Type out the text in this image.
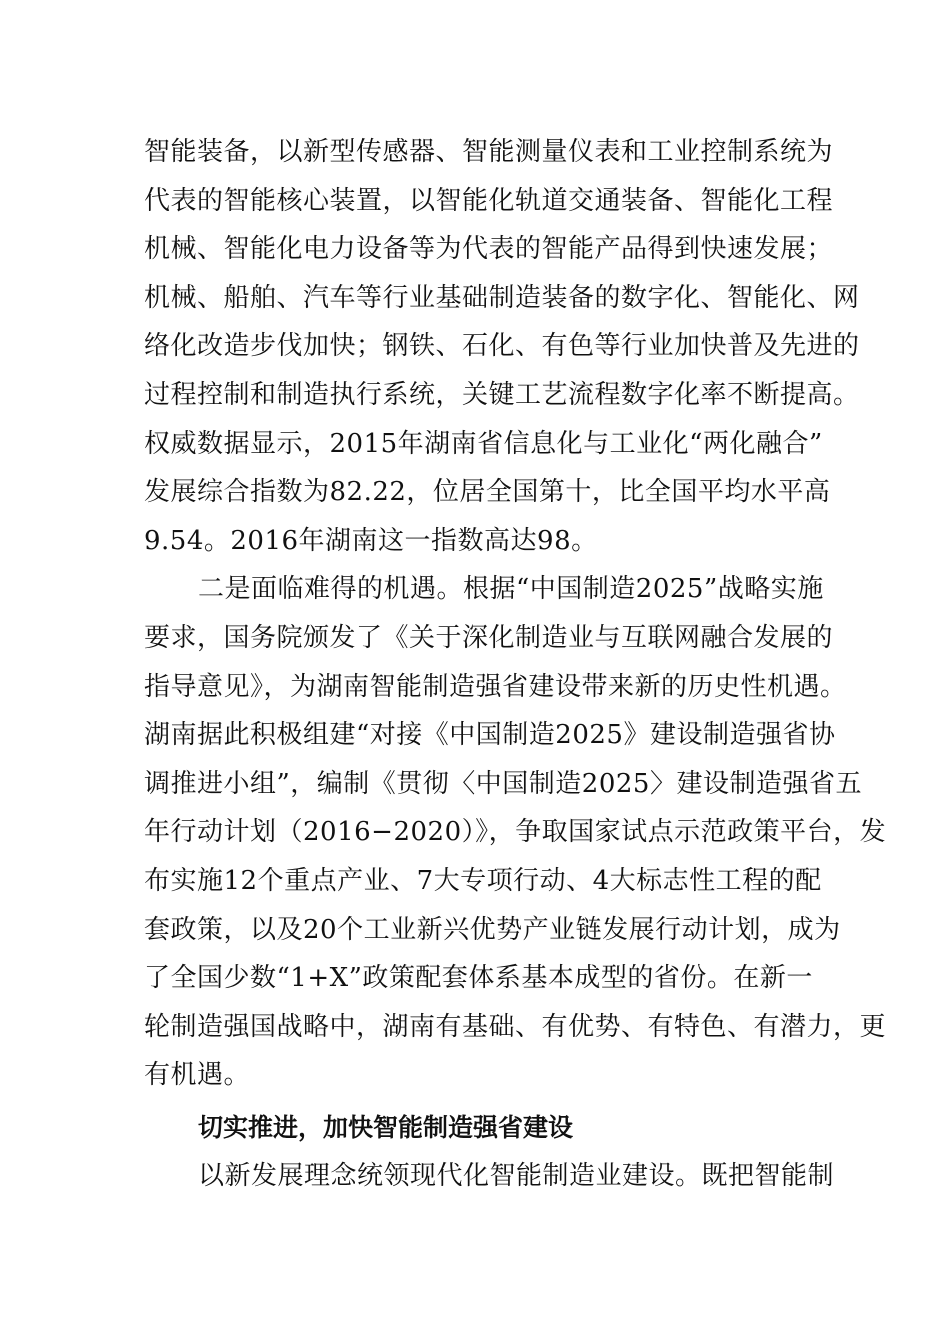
智能装备，以新型传感器、智能测量仪表和工业控制系统为
代表的智能核心装置，以智能化轨道交通装备、智能化工程
机械、智能化电力设备等为代表的智能产品得到快速发展；
机械、船舶、汽车等行业基础制造装备的数字化、智能化、网
络化改造步伐加快；钢铁、石化、有色等行业加快普及先进的
过程控制和制造执行系统，关键工艺流程数字化率不断提高。
权威数据显示，2015年湖南省信息化与工业化“两化融合”
发展综合指数为82.22，位居全国第十，比全国平均水平高
9.54。2016年湖南这一指数高达98。
二是面临难得的机遇。根据“中国制造2025”战略实施
要求，国务院颁发了《关于深化制造业与互联网融合发展的
指导意见》，为湖南智能制造强省建设带来新的历史性机遇。
湖南据此积极组建“对接《中国制造2025》建设制造强省协
调推进小组”，编制《贯彻〈中国制造2025〉建设制造强省五
年行动计划（2016−2020）》，争取国家试点示范政策平台，发
布实施12个重点产业、7大专项行动、4大标志性工程的配
套政策，以及20个工业新兴优势产业链发展行动计划，成为
了全国少数“1+X”政策配套体系基本成型的省份。在新一
轮制造强国战略中，湖南有基础、有优势、有特色、有潜力，更
有机遇。
切实推进，加快智能制造强省建设
以新发展理念统领现代化智能制造业建设。既把智能制
